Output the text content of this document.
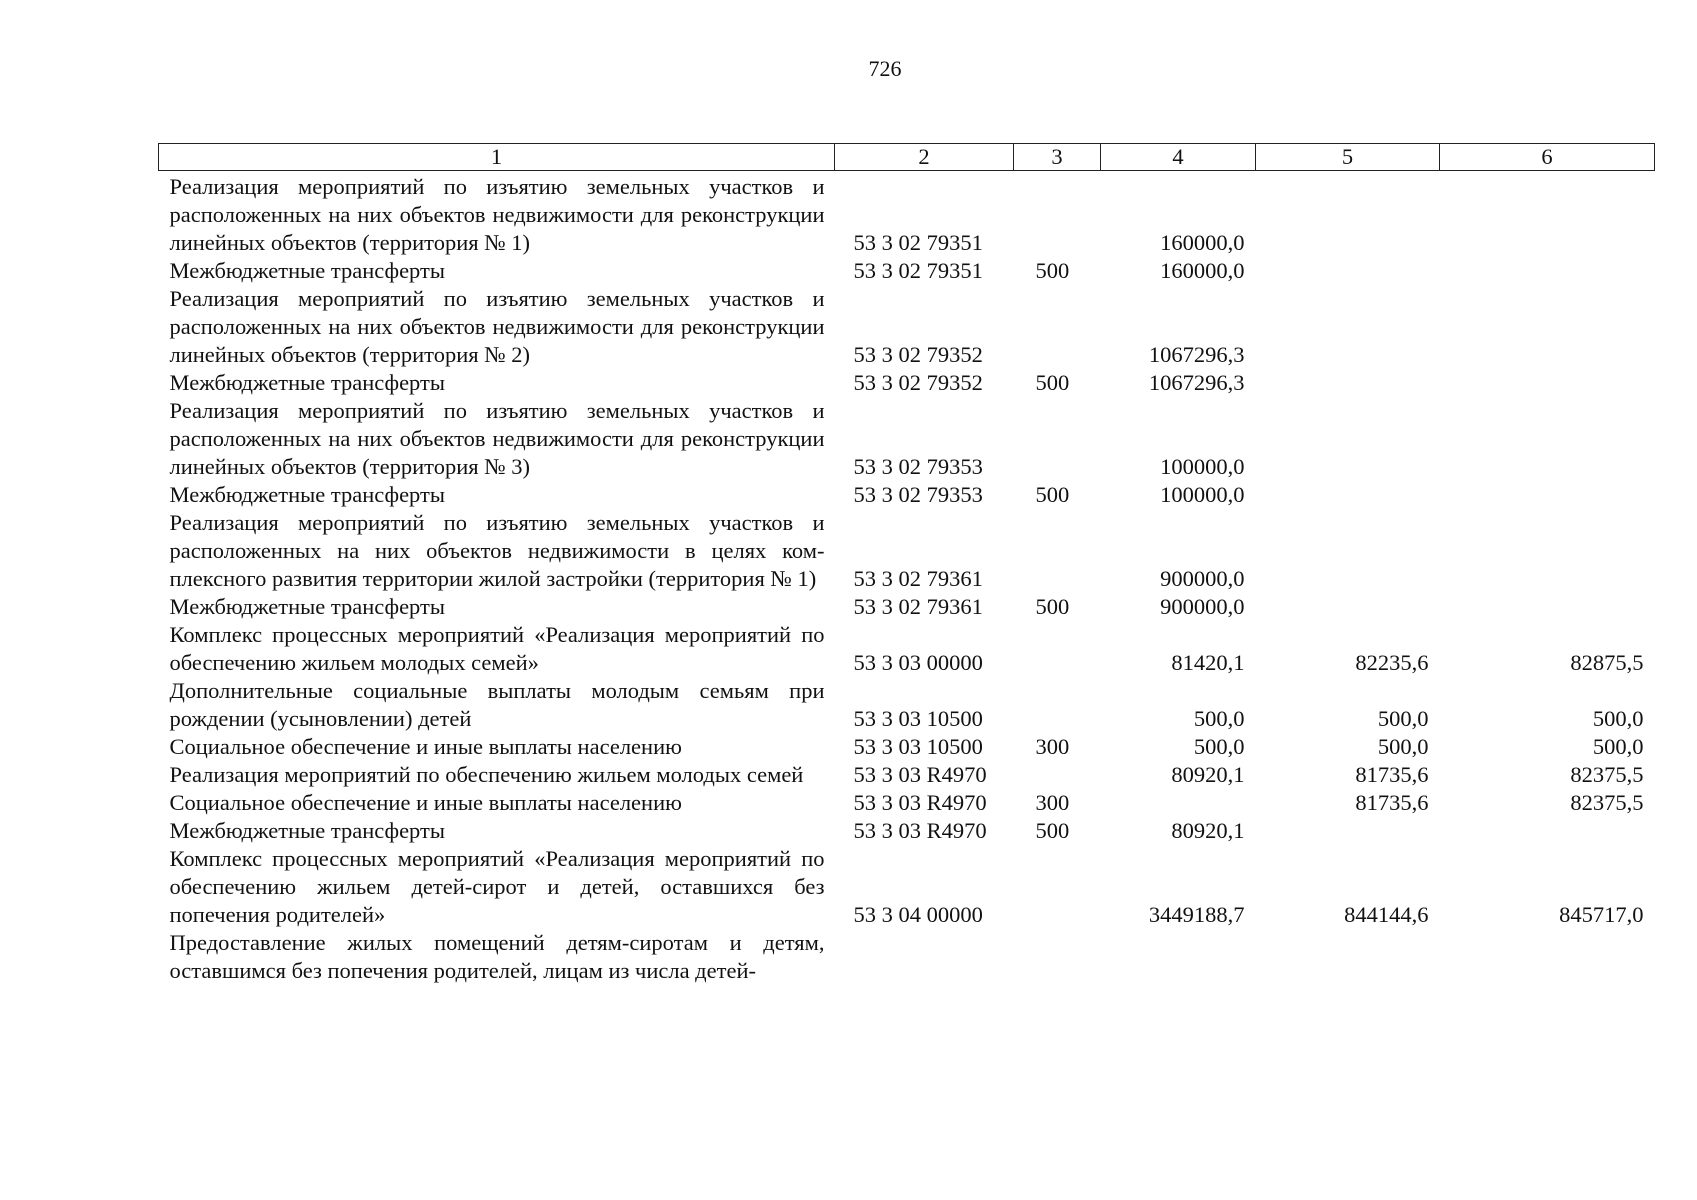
726
1	2	3	4	5	6
Реализация мероприятий по изъятию земельных участков и расположенных на них объектов недвижимости для реконструкции линейных объектов (территория № 1)	53 3 02 79351		160000,0		
Межбюджетные трансферты	53 3 02 79351	500	160000,0		
Реализация мероприятий по изъятию земельных участков и расположенных на них объектов недвижимости для реконструкции линейных объектов (территория № 2)	53 3 02 79352		1067296,3		
Межбюджетные трансферты	53 3 02 79352	500	1067296,3		
Реализация мероприятий по изъятию земельных участков и расположенных на них объектов недвижимости для реконструкции линейных объектов (территория № 3)	53 3 02 79353		100000,0		
Межбюджетные трансферты	53 3 02 79353	500	100000,0		
Реализация мероприятий по изъятию земельных участков и расположенных на них объектов недвижимости в целях комплексного развития территории жилой застройки (территория № 1)	53 3 02 79361		900000,0		
Межбюджетные трансферты	53 3 02 79361	500	900000,0		
Комплекс процессных мероприятий «Реализация мероприятий по обеспечению жильем молодых семей»	53 3 03 00000		81420,1	82235,6	82875,5
Дополнительные социальные выплаты молодым семьям при рождении (усыновлении) детей	53 3 03 10500		500,0	500,0	500,0
Социальное обеспечение и иные выплаты населению	53 3 03 10500	300	500,0	500,0	500,0
Реализация мероприятий по обеспечению жильем молодых семей	53 3 03 R4970		80920,1	81735,6	82375,5
Социальное обеспечение и иные выплаты населению	53 3 03 R4970	300		81735,6	82375,5
Межбюджетные трансферты	53 3 03 R4970	500	80920,1		
Комплекс процессных мероприятий «Реализация мероприятий по обеспечению жильем детей-сирот и детей, оставшихся без попечения родителей»	53 3 04 00000		3449188,7	844144,6	845717,0
Предоставление жилых помещений детям-сиротам и детям, оставшимся без попечения родителей, лицам из числа детей-					
